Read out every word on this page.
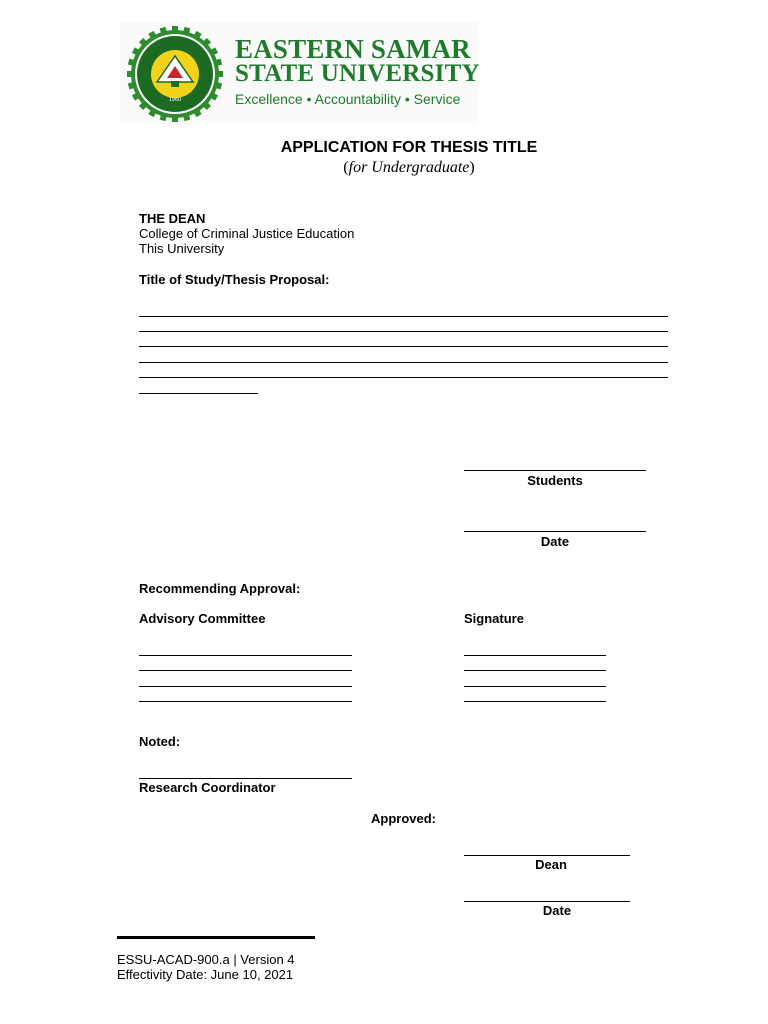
1960
EASTERN SAMAR
STATE UNIVERSITY
Excellence • Accountability • Service
APPLICATION FOR THESIS TITLE
(for Undergraduate)
THE DEAN
College of Criminal Justice Education
This University
Title of Study/Thesis Proposal:
Students
Date
Recommending Approval:
Advisory Committee	Signature
Noted:
Research Coordinator
Approved:
Dean
Date
ESSU-ACAD-900.a | Version 4
Effectivity Date: June 10, 2021
